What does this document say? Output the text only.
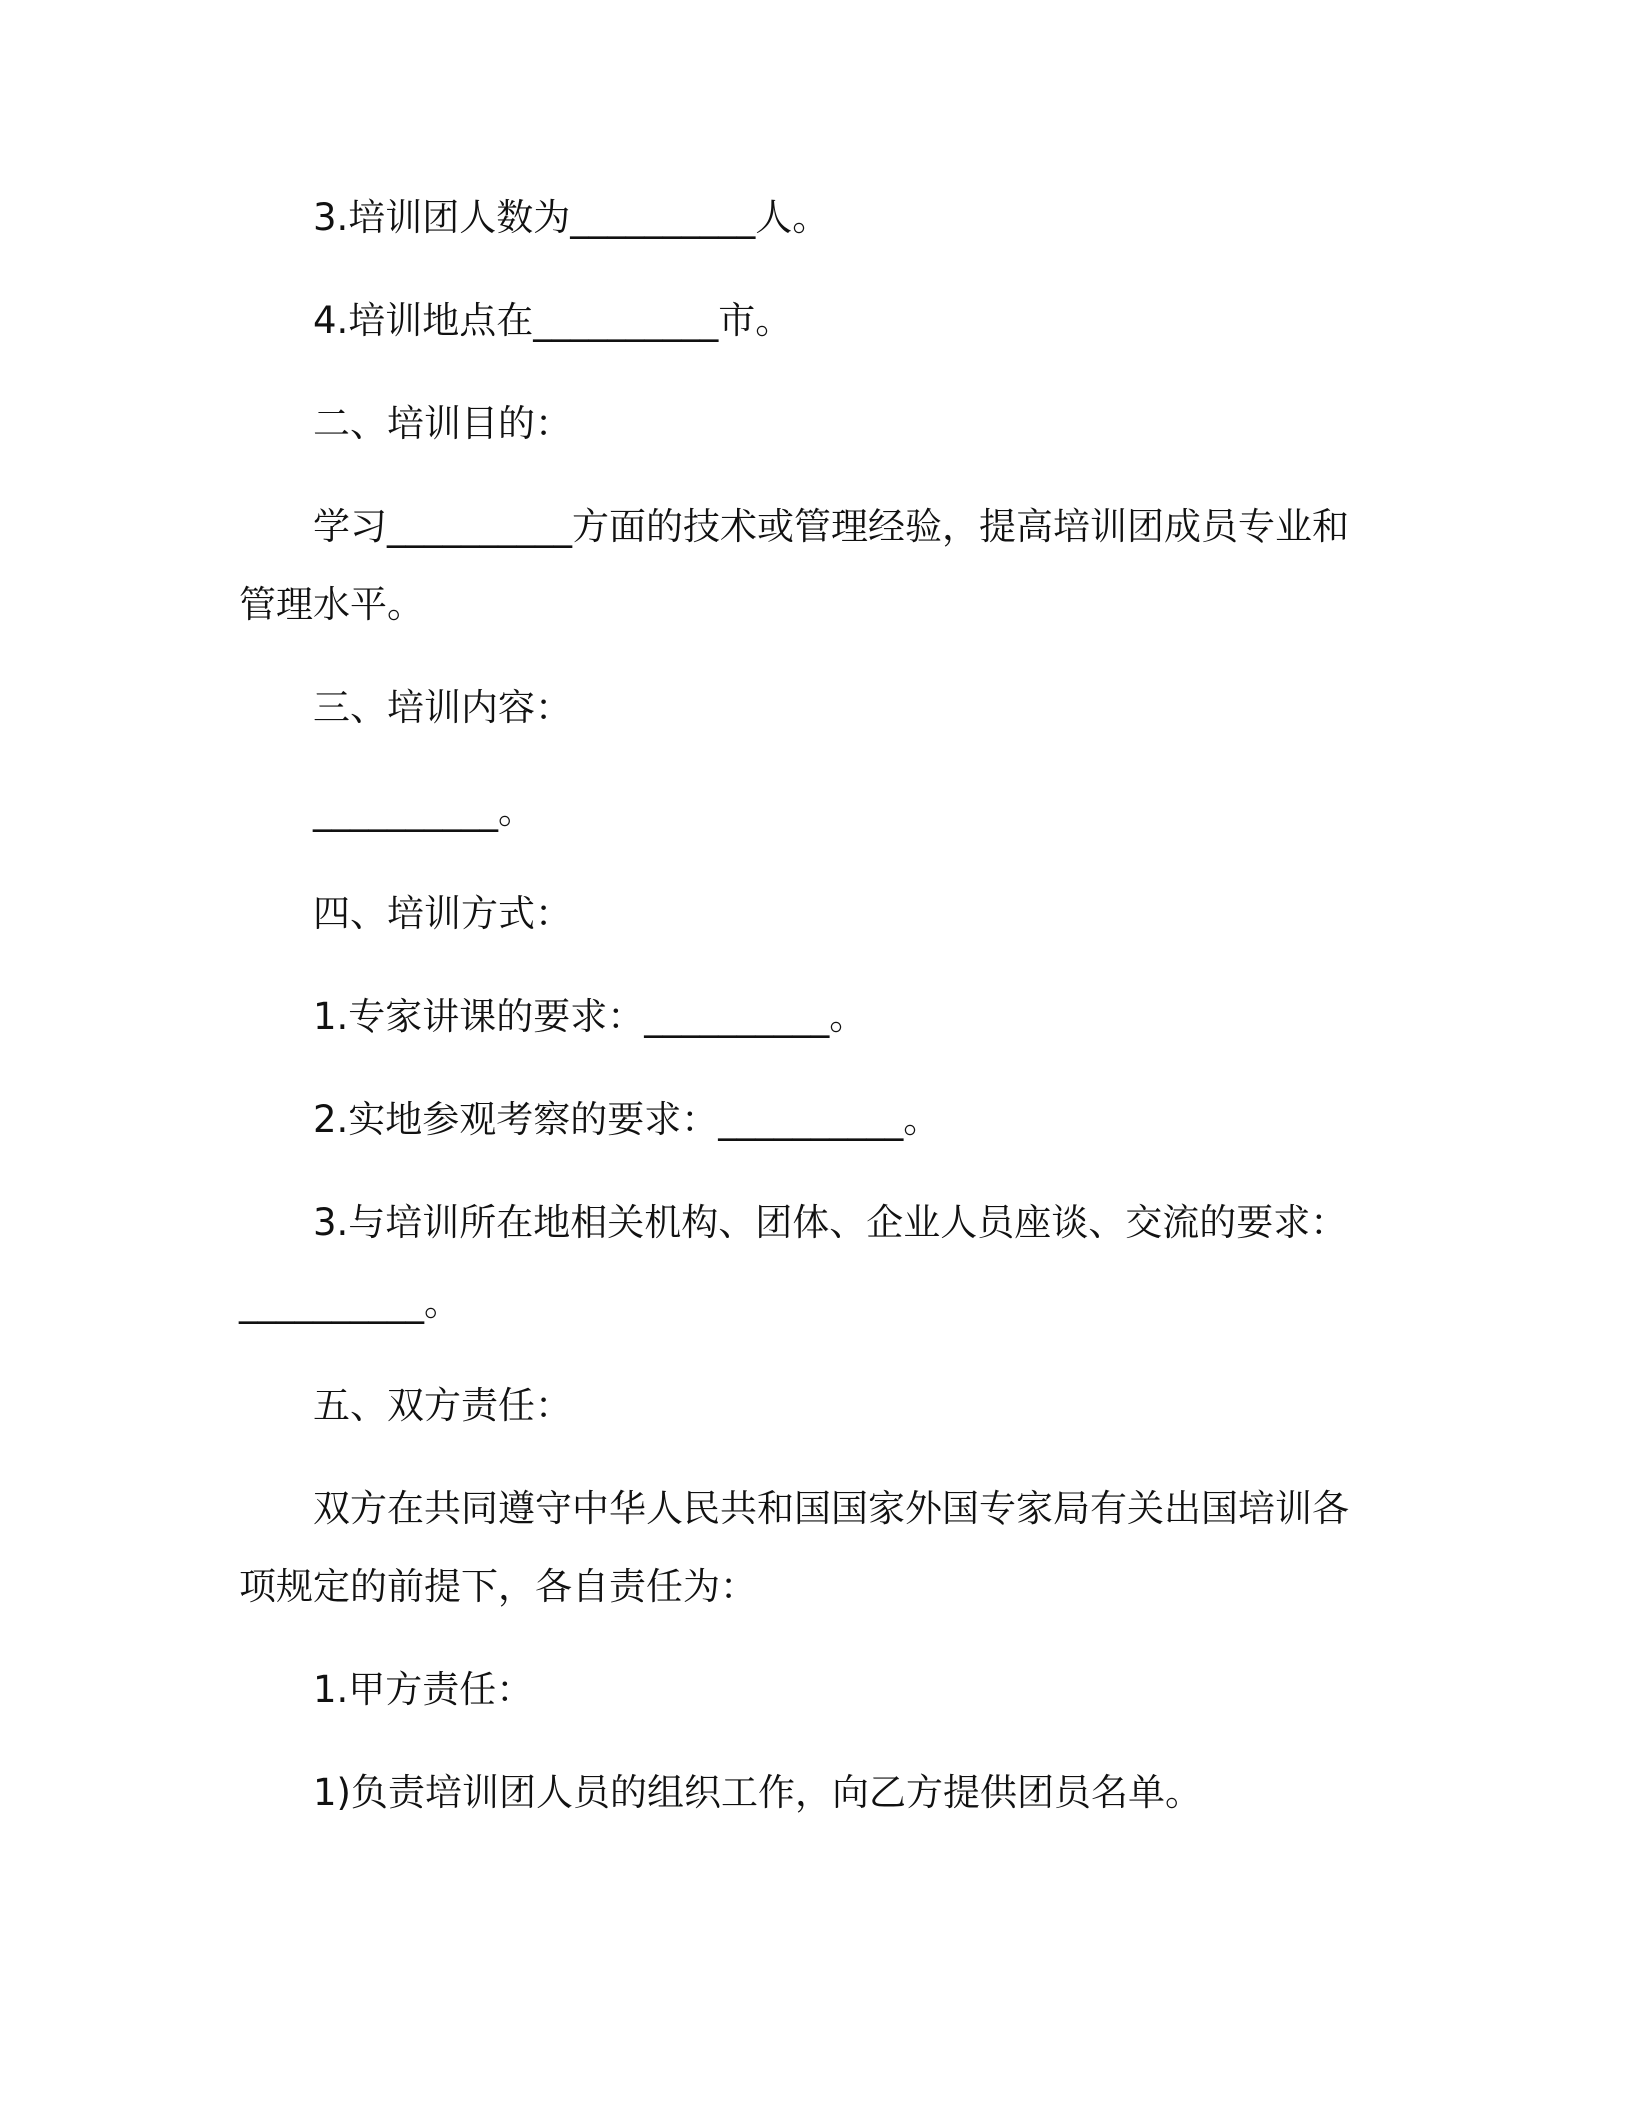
3.培训团人数为__________人。
4.培训地点在__________市。
二、培训目的：
学习__________方面的技术或管理经验，提高培训团成员专业和
管理水平。
三、培训内容：
__________。
四、培训方式：
1.专家讲课的要求：__________。
2.实地参观考察的要求：__________。
3.与培训所在地相关机构、团体、企业人员座谈、交流的要求：
__________。
五、双方责任：
双方在共同遵守中华人民共和国国家外国专家局有关出国培训各
项规定的前提下，各自责任为：
1.甲方责任：
1)负责培训团人员的组织工作，向乙方提供团员名单。
